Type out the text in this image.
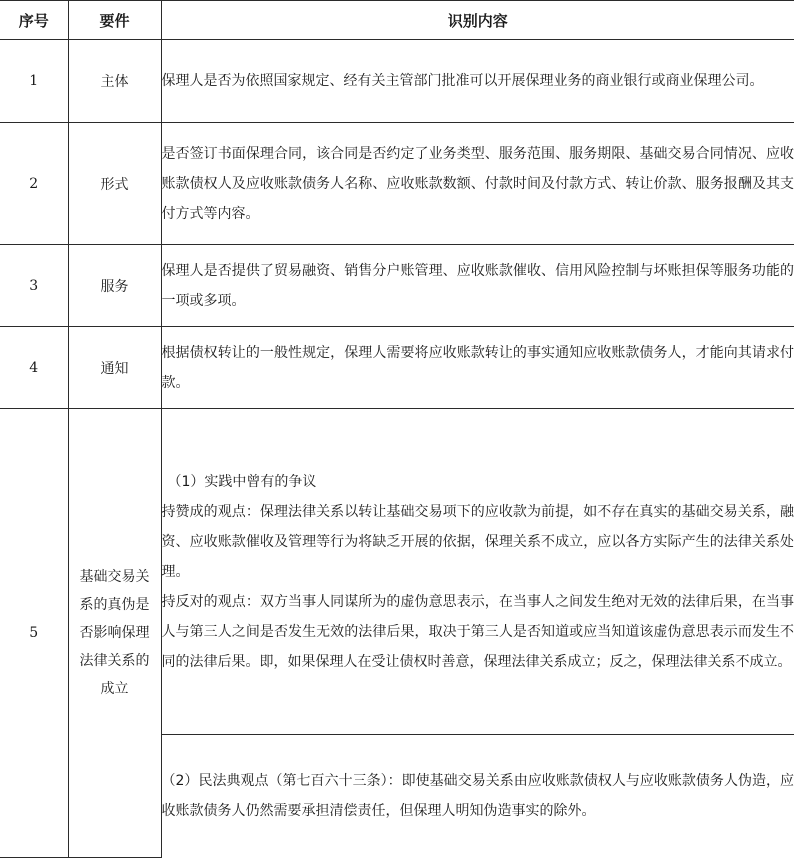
序号	要件	识别内容
1	主体	保理人是否为依照国家规定、经有关主管部门批准可以开展保理业务的商业银行或商业保理公司。
2	形式	是否签订书面保理合同，该合同是否约定了业务类型、服务范围、服务期限、基础交易合同情况、应收账款债权人及应收账款债务人名称、应收账款数额、付款时间及付款方式、转让价款、服务报酬及其支付方式等内容。
3	服务	保理人是否提供了贸易融资、销售分户账管理、应收账款催收、信用风险控制与坏账担保等服务功能的一项或多项。
4	通知	根据债权转让的一般性规定，保理人需要将应收账款转让的事实通知应收账款债务人，才能向其请求付款。
5	基础交易关系的真伪是否影响保理法律关系的成立	（1）实践中曾有的争议

持赞成的观点：保理法律关系以转让基础交易项下的应收款为前提，如不存在真实的基础交易关系，融资、应收账款催收及管理等行为将缺乏开展的依据，保理关系不成立，应以各方实际产生的法律关系处理。

持反对的观点：双方当事人同谋所为的虚伪意思表示，在当事人之间发生绝对无效的法律后果，在当事人与第三人之间是否发生无效的法律后果，取决于第三人是否知道或应当知道该虚伪意思表示而发生不同的法律后果。即，如果保理人在受让债权时善意，保理法律关系成立；反之，保理法律关系不成立。

		（2）民法典观点（第七百六十三条）：即使基础交易关系由应收账款债权人与应收账款债务人伪造，应收账款债务人仍然需要承担清偿责任，但保理人明知伪造事实的除外。
